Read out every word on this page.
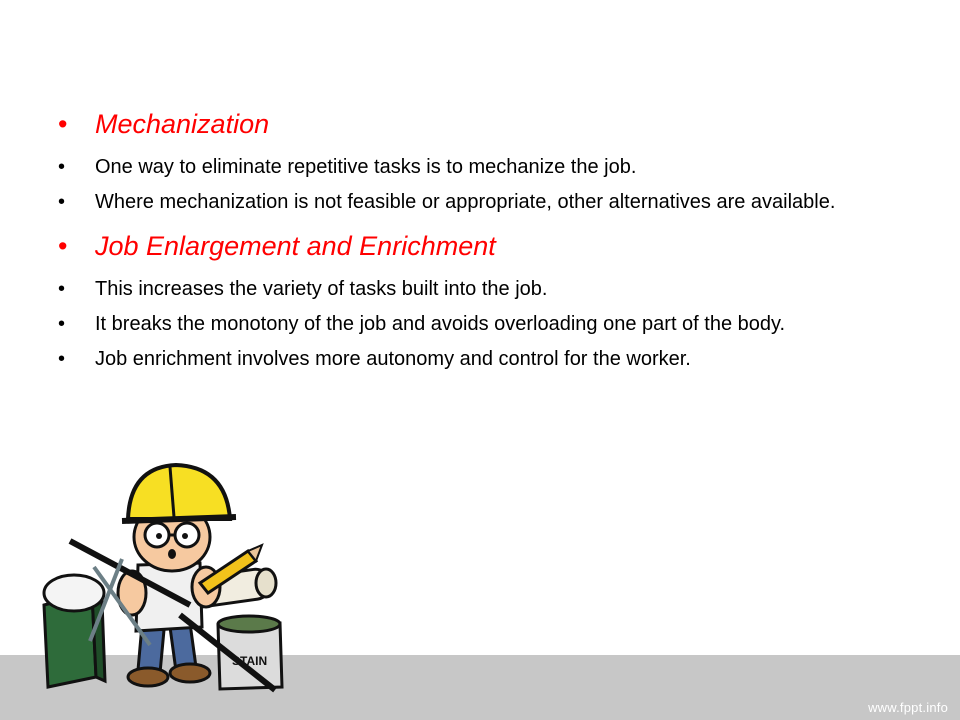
• Mechanization
• One way to eliminate repetitive tasks is to mechanize the job.
• Where mechanization is not feasible or appropriate, other alternatives are available.
• Job Enlargement and Enrichment
• This increases the variety of tasks built into the job.
• It breaks the monotony of the job and avoids overloading one part of the body.
• Job enrichment involves more autonomy and control for the worker.
www.fppt.info
STAIN
